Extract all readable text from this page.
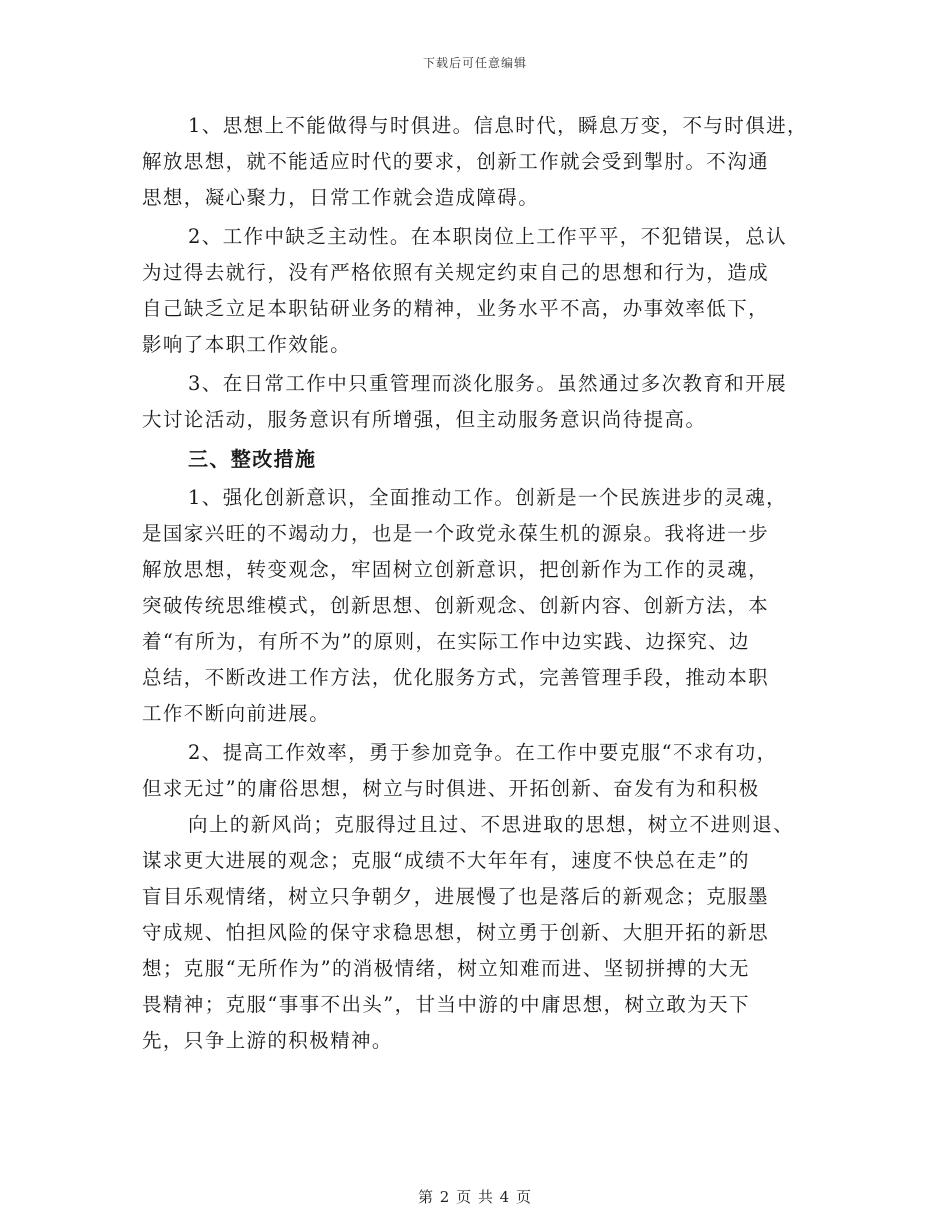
下载后可任意编辑
1、思想上不能做得与时俱进。信息时代，瞬息万变，不与时俱进，
解放思想，就不能适应时代的要求，创新工作就会受到掣肘。不沟通
思想，凝心聚力，日常工作就会造成障碍。
2、工作中缺乏主动性。在本职岗位上工作平平，不犯错误，总认
为过得去就行，没有严格依照有关规定约束自己的思想和行为，造成
自己缺乏立足本职钻研业务的精神，业务水平不高，办事效率低下，
影响了本职工作效能。
3、在日常工作中只重管理而淡化服务。虽然通过多次教育和开展
大讨论活动，服务意识有所增强，但主动服务意识尚待提高。
三、整改措施
1、强化创新意识，全面推动工作。创新是一个民族进步的灵魂，
是国家兴旺的不竭动力，也是一个政党永葆生机的源泉。我将进一步
解放思想，转变观念，牢固树立创新意识，把创新作为工作的灵魂，
突破传统思维模式，创新思想、创新观念、创新内容、创新方法，本
着“有所为，有所不为”的原则，在实际工作中边实践、边探究、边
总结，不断改进工作方法，优化服务方式，完善管理手段，推动本职
工作不断向前进展。
2、提高工作效率，勇于参加竞争。在工作中要克服“不求有功，
但求无过”的庸俗思想，树立与时俱进、开拓创新、奋发有为和积极
向上的新风尚；克服得过且过、不思进取的思想，树立不进则退、
谋求更大进展的观念；克服“成绩不大年年有，速度不快总在走”的
盲目乐观情绪，树立只争朝夕，进展慢了也是落后的新观念；克服墨
守成规、怕担风险的保守求稳思想，树立勇于创新、大胆开拓的新思
想；克服“无所作为”的消极情绪，树立知难而进、坚韧拼搏的大无
畏精神；克服“事事不出头”，甘当中游的中庸思想，树立敢为天下
先，只争上游的积极精神。
第 2 页 共 4 页
